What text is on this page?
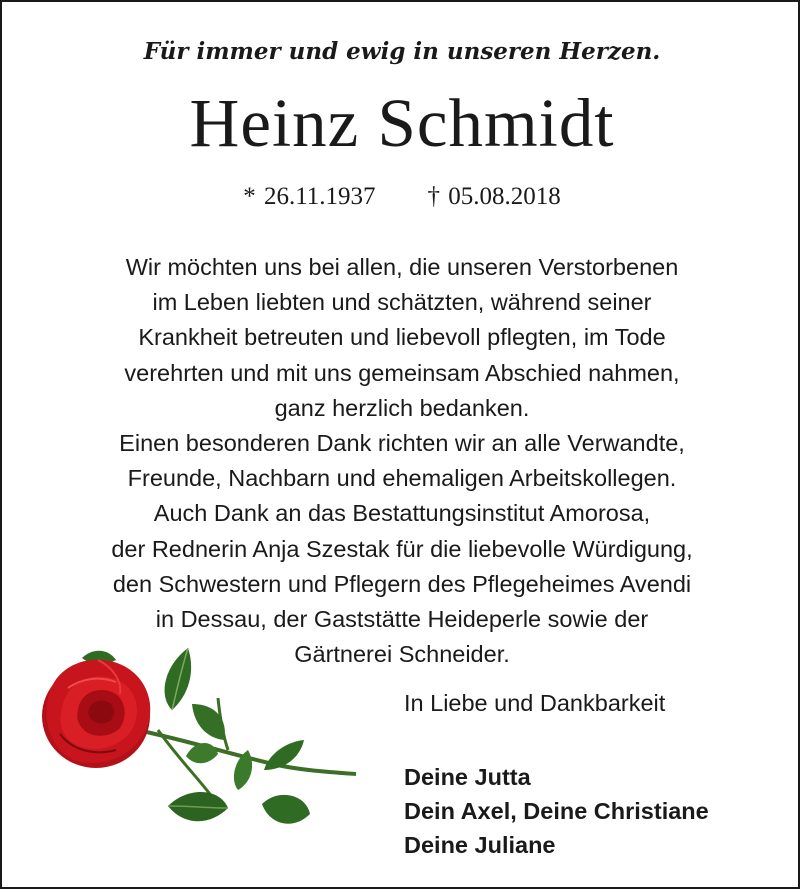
Für immer und ewig in unseren Herzen.
Heinz Schmidt
* 26.11.1937 † 05.08.2018
Wir möchten uns bei allen, die unseren Verstorbenen
im Leben liebten und schätzten, während seiner
Krankheit betreuten und liebevoll pflegten, im Tode
verehrten und mit uns gemeinsam Abschied nahmen,
ganz herzlich bedanken.
Einen besonderen Dank richten wir an alle Verwandte,
Freunde, Nachbarn und ehemaligen Arbeitskollegen.
Auch Dank an das Bestattungsinstitut Amorosa,
der Rednerin Anja Szestak für die liebevolle Würdigung,
den Schwestern und Pflegern des Pflegeheimes Avendi
in Dessau, der Gaststätte Heideperle sowie der
Gärtnerei Schneider.
In Liebe und Dankbarkeit
Deine Jutta
Dein Axel, Deine Christiane
Deine Juliane
